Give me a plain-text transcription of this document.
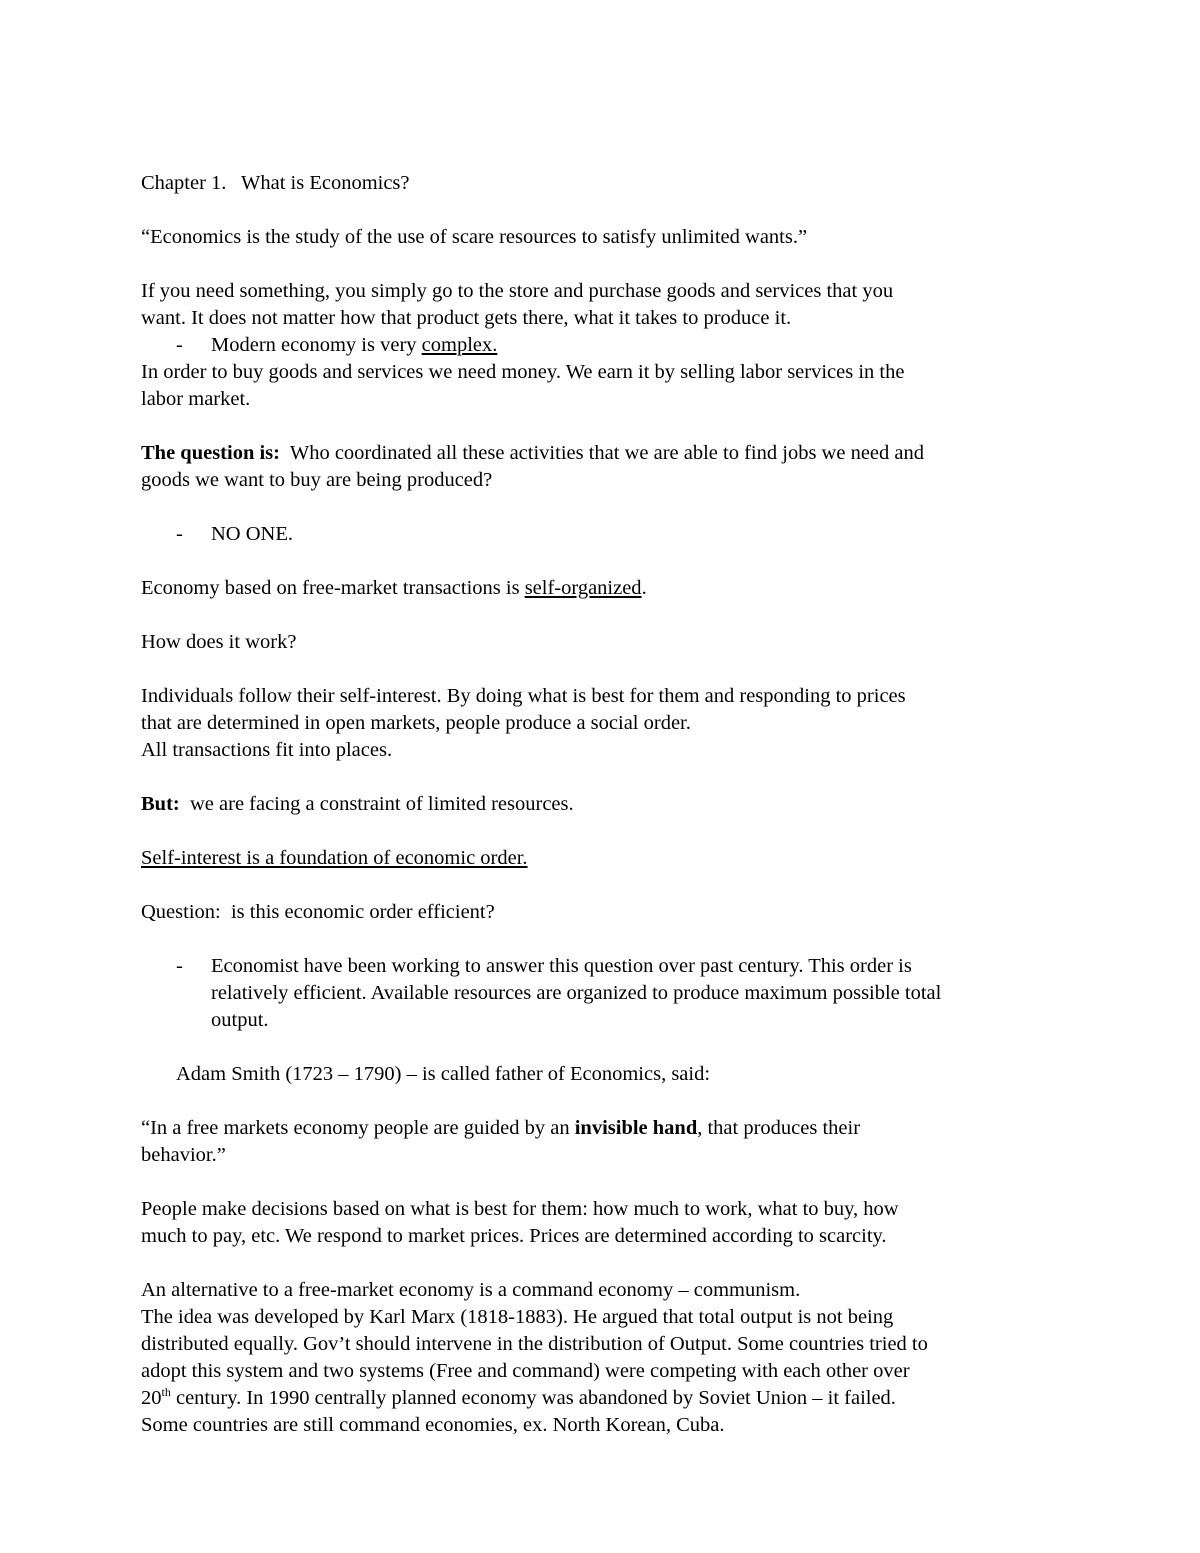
Chapter 1. What is Economics?

“Economics is the study of the use of scare resources to satisfy unlimited wants.”

If you need something, you simply go to the store and purchase goods and services that you

want. It does not matter how that product gets there, what it takes to produce it.

- Modern economy is very complex.

In order to buy goods and services we need money. We earn it by selling labor services in the

labor market.

The question is:  Who coordinated all these activities that we are able to find jobs we need and

goods we want to buy are being produced?

- NO ONE.

Economy based on free-market transactions is self-organized.

How does it work?

Individuals follow their self-interest. By doing what is best for them and responding to prices

that are determined in open markets, people produce a social order.

All transactions fit into places.

But:  we are facing a constraint of limited resources.

Self-interest is a foundation of economic order.

Question:  is this economic order efficient?

- Economist have been working to answer this question over past century. This order is

relatively efficient. Available resources are organized to produce maximum possible total

output.

Adam Smith (1723 – 1790) – is called father of Economics, said:

“In a free markets economy people are guided by an invisible hand, that produces their

behavior.”

People make decisions based on what is best for them: how much to work, what to buy, how

much to pay, etc. We respond to market prices. Prices are determined according to scarcity.

An alternative to a free-market economy is a command economy – communism.

The idea was developed by Karl Marx (1818-1883). He argued that total output is not being

distributed equally. Gov’t should intervene in the distribution of Output. Some countries tried to

adopt this system and two systems (Free and command) were competing with each other over

20th century. In 1990 centrally planned economy was abandoned by Soviet Union – it failed.

Some countries are still command economies, ex. North Korean, Cuba.
